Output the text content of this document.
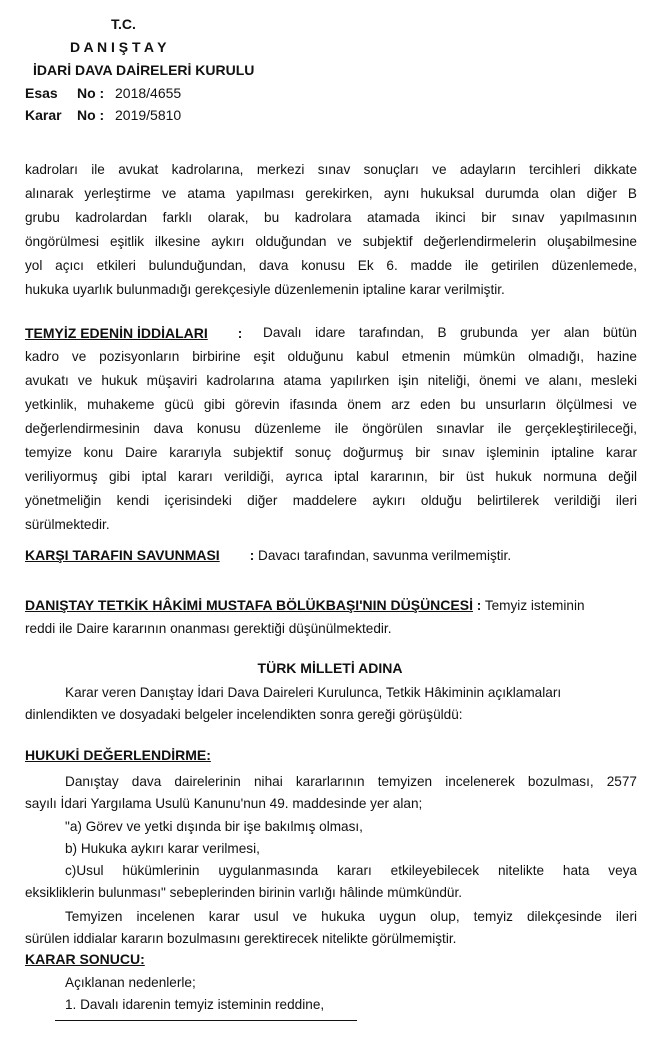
T.C.
D A N I Ş T A Y
İDARİ DAVA DAİRELERİ KURULU
Esas No : 2018/4655
Karar No : 2019/5810
kadroları ile avukat kadrolarına, merkezi sınav sonuçları ve adayların tercihleri dikkate
alınarak yerleştirme ve atama yapılması gerekirken, aynı hukuksal durumda olan diğer B
grubu kadrolardan farklı olarak, bu kadrolara atamada ikinci bir sınav yapılmasının
öngörülmesi eşitlik ilkesine aykırı olduğundan ve subjektif değerlendirmelerin oluşabilmesine
yol açıcı etkileri bulunduğundan, dava konusu Ek 6. madde ile getirilen düzenlemede,
hukuka uyarlık bulunmadığı gerekçesiyle düzenlemenin iptaline karar verilmiştir.
TEMYİZ EDENİN İDDİALARI : Davalı idare tarafından, B grubunda yer alan bütün
kadro ve pozisyonların birbirine eşit olduğunu kabul etmenin mümkün olmadığı, hazine
avukatı ve hukuk müşaviri kadrolarına atama yapılırken işin niteliği, önemi ve alanı, mesleki
yetkinlik, muhakeme gücü gibi görevin ifasında önem arz eden bu unsurların ölçülmesi ve
değerlendirmesinin dava konusu düzenleme ile öngörülen sınavlar ile gerçekleştirileceği,
temyize konu Daire kararıyla subjektif sonuç doğurmuş bir sınav işleminin iptaline karar
veriliyormuş gibi iptal kararı verildiği, ayrıca iptal kararının, bir üst hukuk normuna değil
yönetmeliğin kendi içerisindeki diğer maddelere aykırı olduğu belirtilerek verildiği ileri
sürülmektedir.
KARŞI TARAFIN SAVUNMASI : Davacı tarafından, savunma verilmemiştir.
DANIŞTAY TETKİK HÂKİMİ MUSTAFA BÖLÜKBAŞI'NIN DÜŞÜNCESİ : Temyiz isteminin
reddi ile Daire kararının onanması gerektiği düşünülmektedir.
TÜRK MİLLETİ ADINA
Karar veren Danıştay İdari Dava Daireleri Kurulunca, Tetkik Hâkiminin açıklamaları
dinlendikten ve dosyadaki belgeler incelendikten sonra gereği görüşüldü:
HUKUKİ DEĞERLENDİRME:
Danıştay dava dairelerinin nihai kararlarının temyizen incelenerek bozulması, 2577
sayılı İdari Yargılama Usulü Kanunu'nun 49. maddesinde yer alan;
"a) Görev ve yetki dışında bir işe bakılmış olması,
b) Hukuka aykırı karar verilmesi,
c)Usul hükümlerinin uygulanmasında kararı etkileyebilecek nitelikte hata veya
eksikliklerin bulunması" sebeplerinden birinin varlığı hâlinde mümkündür.
Temyizen incelenen karar usul ve hukuka uygun olup, temyiz dilekçesinde ileri
sürülen iddialar kararın bozulmasını gerektirecek nitelikte görülmemiştir.
KARAR SONUCU:
Açıklanan nedenlerle;
1. Davalı idarenin temyiz isteminin reddine,
